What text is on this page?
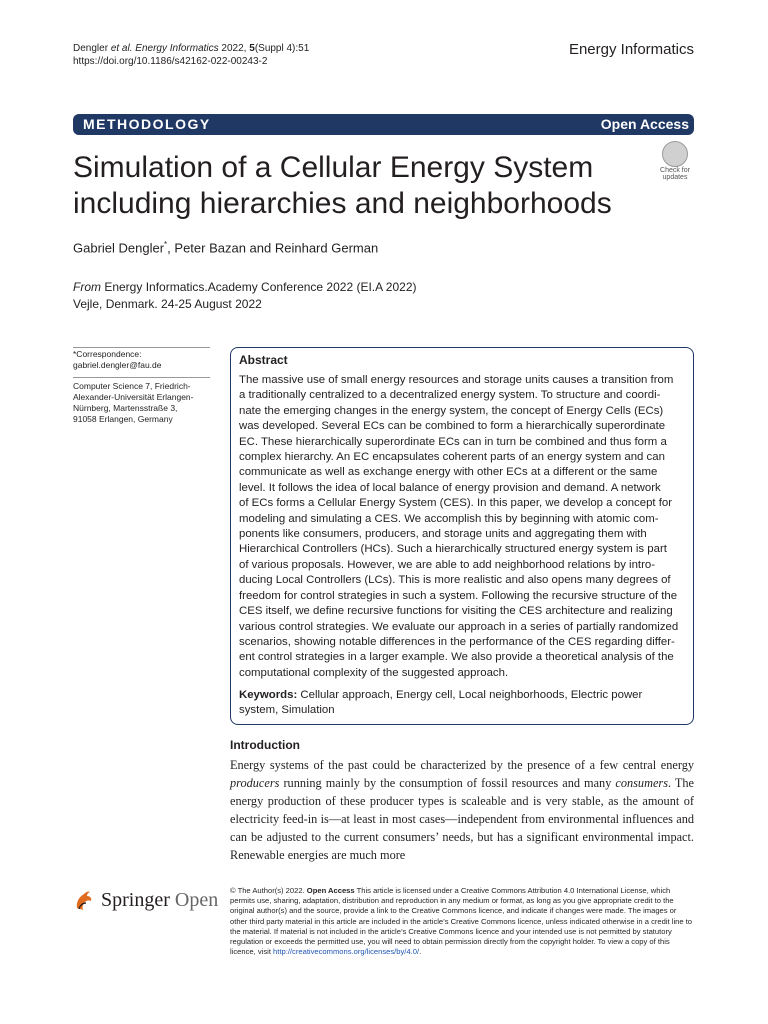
Dengler et al. Energy Informatics 2022, 5(Suppl 4):51
https://doi.org/10.1186/s42162-022-00243-2
Energy Informatics
METHODOLOGY	Open Access
Simulation of a Cellular Energy System including hierarchies and neighborhoods
Check for
updates
Gabriel Dengler*, Peter Bazan and Reinhard German
From Energy Informatics.Academy Conference 2022 (EI.A 2022)
Vejle, Denmark. 24-25 August 2022
*Correspondence:
gabriel.dengler@fau.de
Computer Science 7, Friedrich-
Alexander-Universität Erlangen-
Nürnberg, Martensstraße 3,
91058 Erlangen, Germany
Abstract
The massive use of small energy resources and storage units causes a transition from
a traditionally centralized to a decentralized energy system. To structure and coordi-
nate the emerging changes in the energy system, the concept of Energy Cells (ECs)
was developed. Several ECs can be combined to form a hierarchically superordinate
EC. These hierarchically superordinate ECs can in turn be combined and thus form a
complex hierarchy. An EC encapsulates coherent parts of an energy system and can
communicate as well as exchange energy with other ECs at a different or the same
level. It follows the idea of local balance of energy provision and demand. A network
of ECs forms a Cellular Energy System (CES). In this paper, we develop a concept for
modeling and simulating a CES. We accomplish this by beginning with atomic com-
ponents like consumers, producers, and storage units and aggregating them with
Hierarchical Controllers (HCs). Such a hierarchically structured energy system is part
of various proposals. However, we are able to add neighborhood relations by intro-
ducing Local Controllers (LCs). This is more realistic and also opens many degrees of
freedom for control strategies in such a system. Following the recursive structure of the
CES itself, we define recursive functions for visiting the CES architecture and realizing
various control strategies. We evaluate our approach in a series of partially randomized
scenarios, showing notable differences in the performance of the CES regarding differ-
ent control strategies in a larger example. We also provide a theoretical analysis of the
computational complexity of the suggested approach.
Keywords: Cellular approach, Energy cell, Local neighborhoods, Electric power system, Simulation
Introduction
Energy systems of the past could be characterized by the presence of a few central energy producers running mainly by the consumption of fossil resources and many consumers. The energy production of these producer types is scaleable and is very stable, as the amount of electricity feed-in is—at least in most cases—independent from environmental influences and can be adjusted to the current consumers’ needs, but has a significant environmental impact. Renewable energies are much more
Springer Open © The Author(s) 2022. Open Access This article is licensed under a Creative Commons Attribution 4.0 International License, which permits use, sharing, adaptation, distribution and reproduction in any medium or format, as long as you give appropriate credit to the original author(s) and the source, provide a link to the Creative Commons licence, and indicate if changes were made. The images or other third party material in this article are included in the article’s Creative Commons licence, unless indicated otherwise in a credit line to the material. If material is not included in the article’s Creative Commons licence and your intended use is not permitted by statutory regulation or exceeds the permitted use, you will need to obtain permission directly from the copyright holder. To view a copy of this licence, visit http://creativecommons.org/licenses/by/4.0/.
